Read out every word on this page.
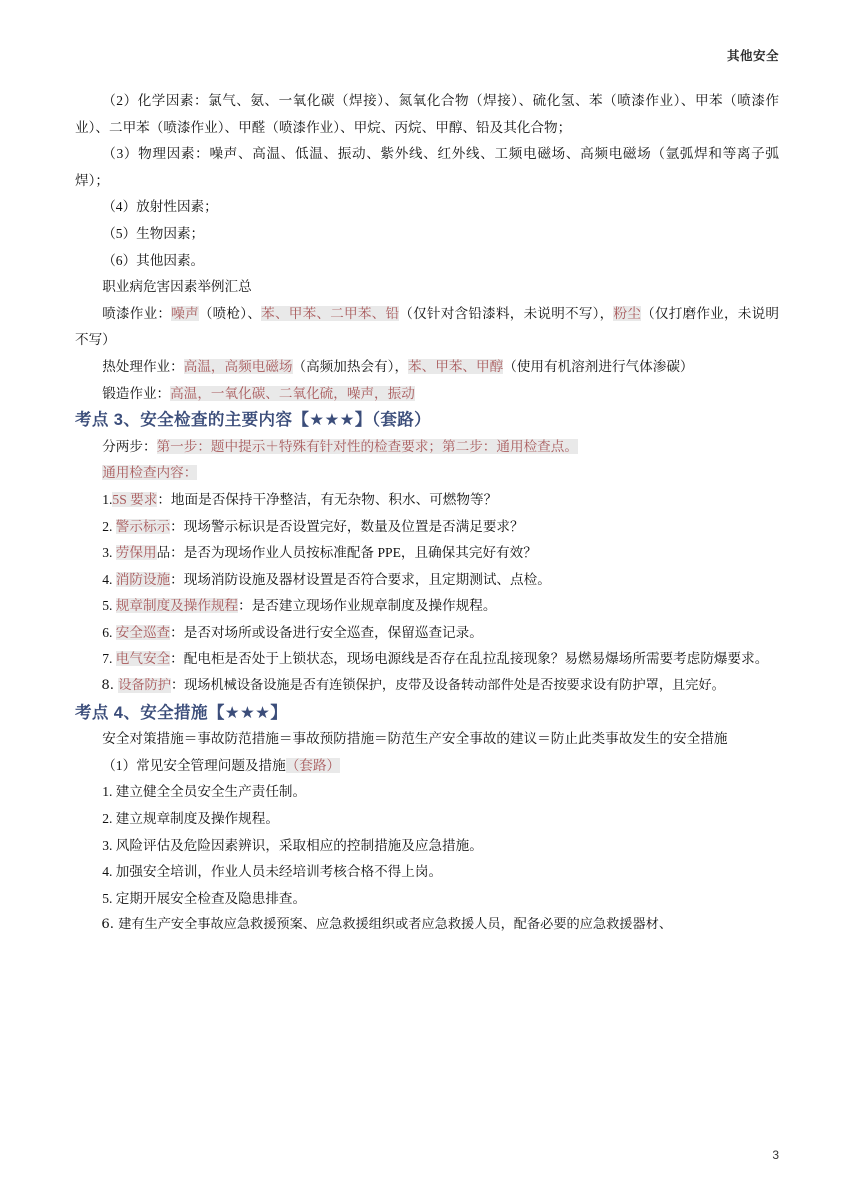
其他安全

（2）化学因素：氯气、氨、一氧化碳（焊接）、氮氧化合物（焊接）、硫化氢、苯（喷漆作业）、甲苯（喷漆作业）、二甲苯（喷漆作业）、甲醛（喷漆作业）、甲烷、丙烷、甲醇、铅及其化合物；

（3）物理因素：噪声、高温、低温、振动、紫外线、红外线、工频电磁场、高频电磁场（氩弧焊和等离子弧焊）；

（4）放射性因素；

（5）生物因素；

（6）其他因素。

职业病危害因素举例汇总

喷漆作业：噪声（喷枪）、苯、甲苯、二甲苯、铅（仅针对含铅漆料，未说明不写），粉尘（仅打磨作业，未说明不写）

热处理作业：高温，高频电磁场（高频加热会有），苯、甲苯、甲醇（使用有机溶剂进行气体渗碳）

锻造作业：高温，一氧化碳、二氧化硫，噪声，振动

考点 3、安全检查的主要内容【★★★】（套路）

分两步：第一步：题中提示＋特殊有针对性的检查要求；第二步：通用检查点。

通用检查内容：

1.5S 要求：地面是否保持干净整洁，有无杂物、积水、可燃物等？

2. 警示标示：现场警示标识是否设置完好，数量及位置是否满足要求？

3. 劳保用品：是否为现场作业人员按标准配备 PPE，且确保其完好有效？

4. 消防设施：现场消防设施及器材设置是否符合要求，且定期测试、点检。

5. 规章制度及操作规程：是否建立现场作业规章制度及操作规程。

6. 安全巡查：是否对场所或设备进行安全巡查，保留巡查记录。

7. 电气安全：配电柜是否处于上锁状态，现场电源线是否存在乱拉乱接现象？易燃易爆场所需要考虑防爆要求。

8. 设备防护：现场机械设备设施是否有连锁保护，皮带及设备转动部件处是否按要求设有防护罩，且完好。

考点 4、安全措施【★★★】

安全对策措施＝事故防范措施＝事故预防措施＝防范生产安全事故的建议＝防止此类事故发生的安全措施

（1）常见安全管理问题及措施（套路）

1. 建立健全全员安全生产责任制。

2. 建立规章制度及操作规程。

3. 风险评估及危险因素辨识，采取相应的控制措施及应急措施。

4. 加强安全培训，作业人员未经培训考核合格不得上岗。

5. 定期开展安全检查及隐患排查。

6. 建有生产安全事故应急救援预案、应急救援组织或者应急救援人员，配备必要的应急救援器材、

3
